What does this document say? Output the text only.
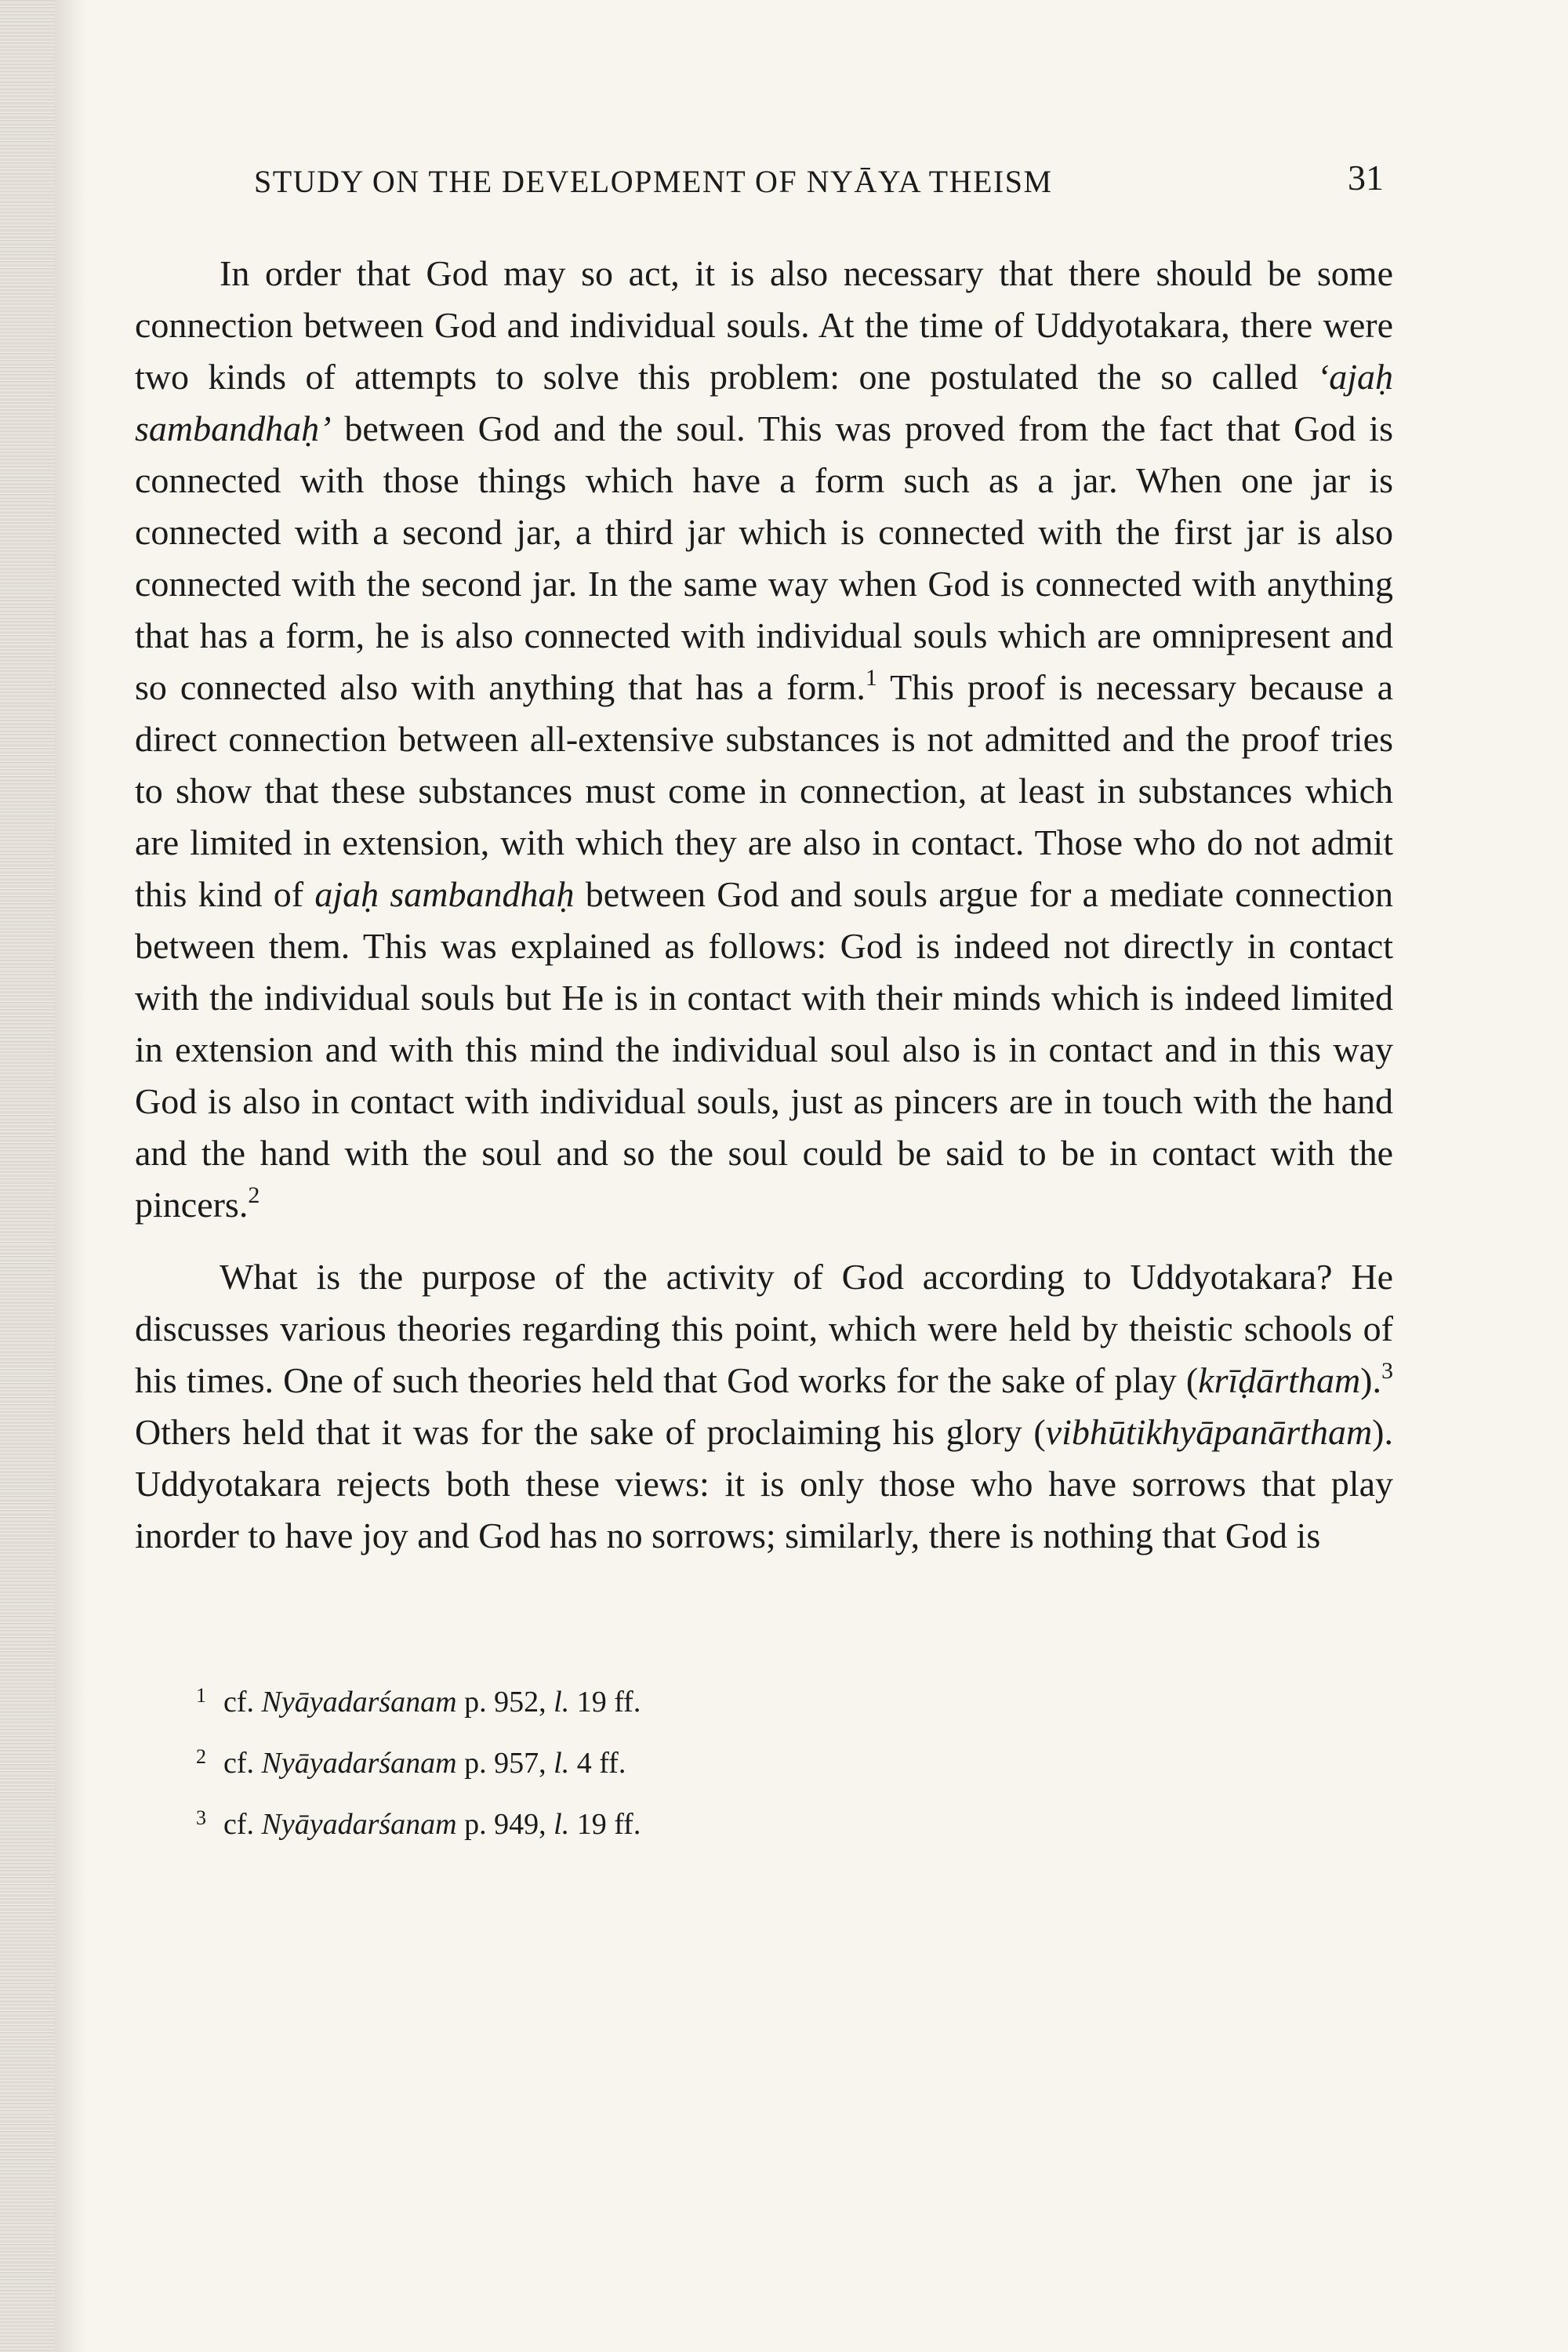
STUDY ON THE DEVELOPMENT OF NYĀYA THEISM	31

In order that God may so act, it is also necessary that there should be some connection between God and individual souls. At the time of Uddyotakara, there were two kinds of attempts to solve this problem: one postulated the so called ‘ajaḥ sambandhaḥ’ between God and the soul. This was proved from the fact that God is connected with those things which have a form such as a jar. When one jar is connected with a second jar, a third jar which is connected with the first jar is also connected with the second jar. In the same way when God is connected with anything that has a form, he is also connected with individual souls which are omnipresent and so connected also with anything that has a form.$^1$ This proof is necessary because a direct connection between all-extensive substances is not admitted and the proof tries to show that these substances must come in connection, at least in substances which are limited in extension, with which they are also in contact. Those who do not admit this kind of ajaḥ sambandhaḥ between God and souls argue for a mediate connection between them. This was explained as follows: God is indeed not directly in contact with the individual souls but He is in contact with their minds which is indeed limited in extension and with this mind the individual soul also is in contact and in this way God is also in contact with individual souls, just as pincers are in touch with the hand and the hand with the soul and so the soul could be said to be in contact with the pincers.$^2$

What is the purpose of the activity of God according to Uddyotakara? He discusses various theories regarding this point, which were held by theistic schools of his times. One of such theories held that God works for the sake of play (krīḍārtham).$^3$ Others held that it was for the sake of proclaiming his glory (vibhūtikhyāpanārtham). Uddyotakara rejects both these views: it is only those who have sorrows that play inorder to have joy and God has no sorrows; similarly, there is nothing that God is

$^1$ cf. Nyāyadarśanam p. 952, l. 19 ff.
$^2$ cf. Nyāyadarśanam p. 957, l. 4 ff.
$^3$ cf. Nyāyadarśanam p. 949, l. 19 ff.
